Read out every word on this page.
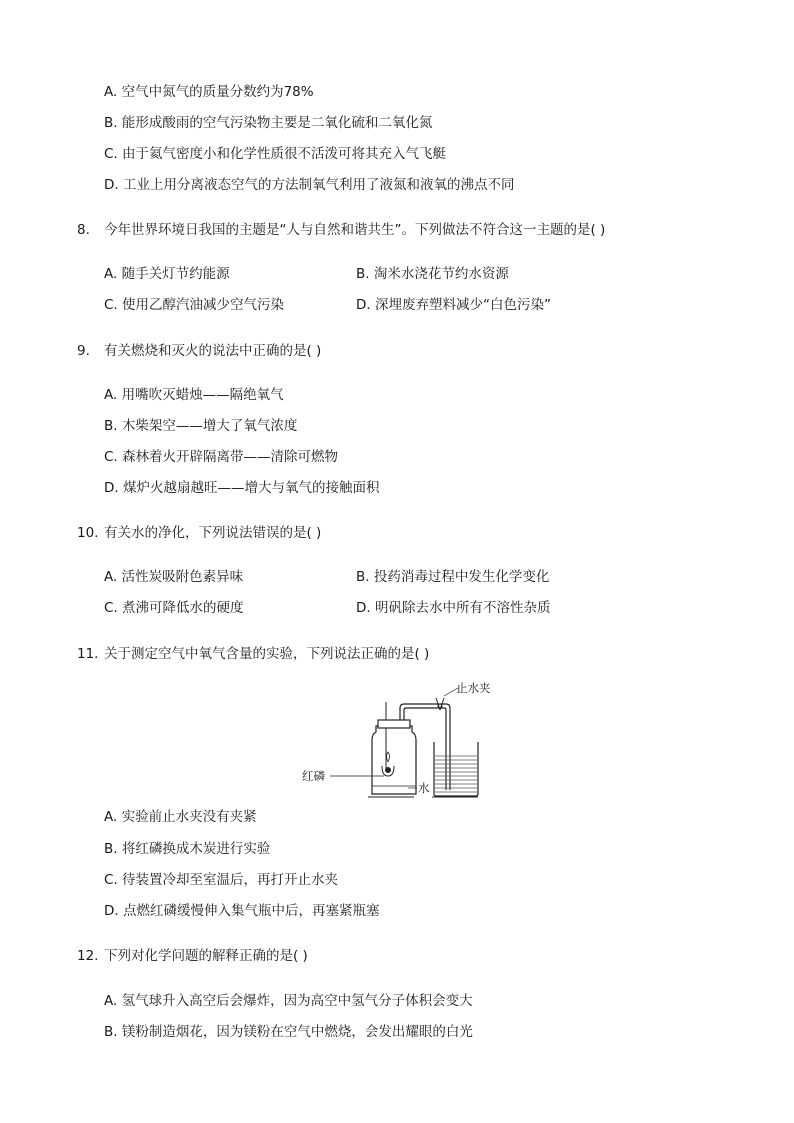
A. 空气中氮气的质量分数约为78%
B. 能形成酸雨的空气污染物主要是二氧化硫和二氧化氮
C. 由于氦气密度小和化学性质很不活泼可将其充入气飞艇
D. 工业上用分离液态空气的方法制氧气利用了液氮和液氧的沸点不同
8. 今年世界环境日我国的主题是“人与自然和谐共生”。下列做法不符合这一主题的是( )
A. 随手关灯节约能源	B. 淘米水浇花节约水资源
C. 使用乙醇汽油减少空气污染	D. 深埋废弃塑料减少“白色污染”
9. 有关燃烧和灭火的说法中正确的是( )
A. 用嘴吹灭蜡烛——隔绝氧气
B. 木柴架空——增大了氧气浓度
C. 森林着火开辟隔离带——清除可燃物
D. 煤炉火越扇越旺——增大与氧气的接触面积
10. 有关水的净化，下列说法错误的是( )
A. 活性炭吸附色素异味	B. 投药消毒过程中发生化学变化
C. 煮沸可降低水的硬度	D. 明矾除去水中所有不溶性杂质
11. 关于测定空气中氧气含量的实验，下列说法正确的是( )
止水夹
红磷
水
A. 实验前止水夹没有夹紧
B. 将红磷换成木炭进行实验
C. 待装置冷却至室温后，再打开止水夹
D. 点燃红磷缓慢伸入集气瓶中后，再塞紧瓶塞
12. 下列对化学问题的解释正确的是( )
A. 氢气球升入高空后会爆炸，因为高空中氢气分子体积会变大
B. 镁粉制造烟花，因为镁粉在空气中燃烧，会发出耀眼的白光
